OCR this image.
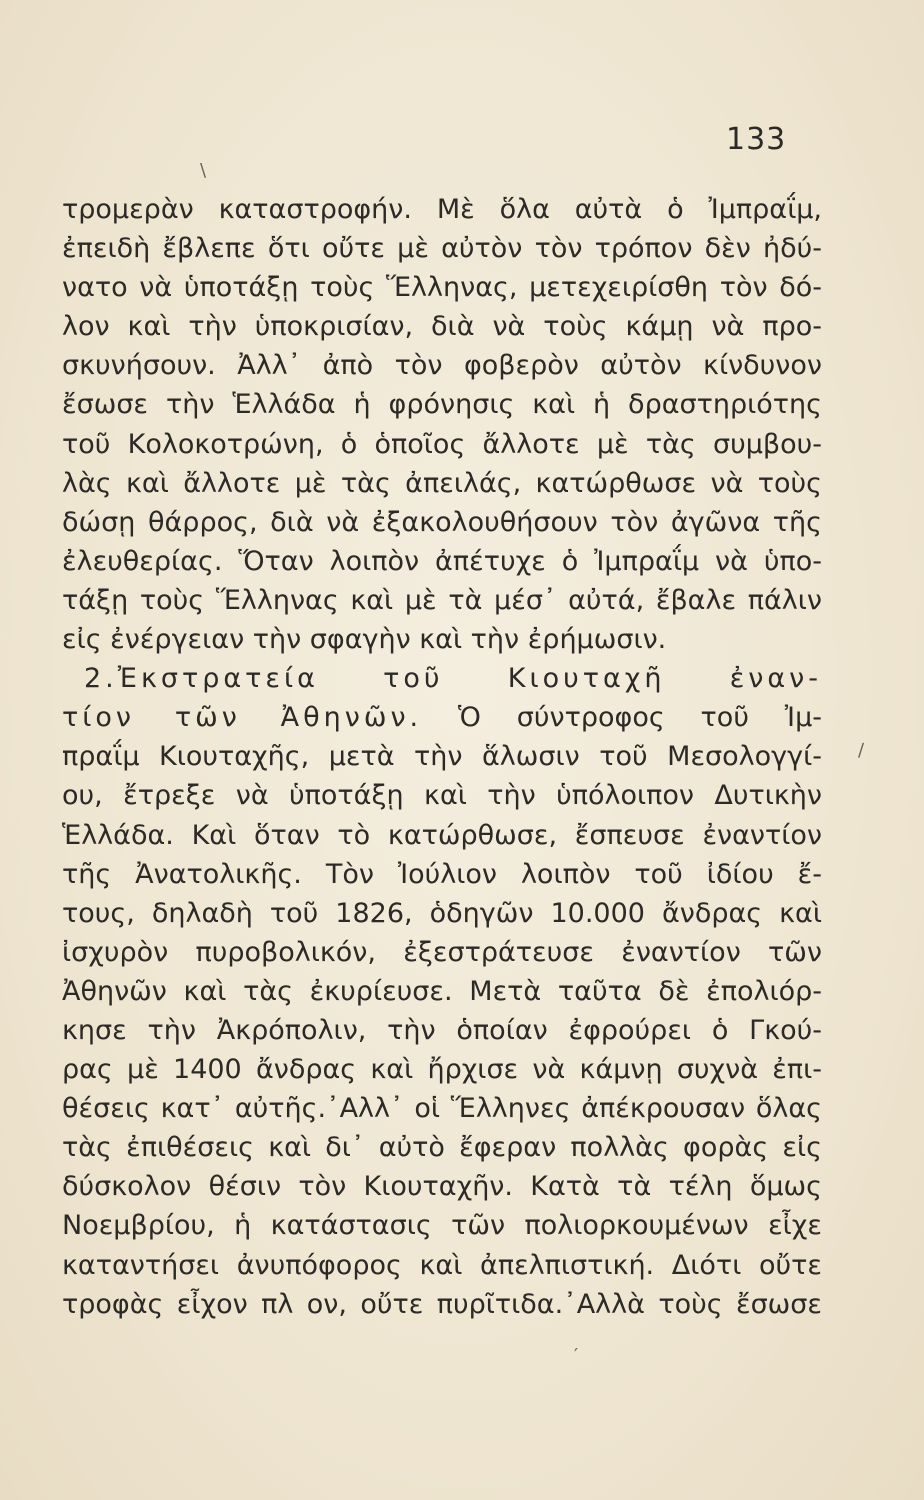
133
τρομερὰν καταστροφήν. Μὲ ὅλα αὐτὰ ὁ Ἰμπραΐμ,
ἐπειδὴ ἔβλεπε ὅτι οὔτε μὲ αὐτὸν τὸν τρόπον δὲν ἠδύ-
νατο νὰ ὑποτάξῃ τοὺς Ἕλληνας, μετεχειρίσθη τὸν δό-
λον καὶ τὴν ὑποκρισίαν, διὰ νὰ τοὺς κάμῃ νὰ προ-
σκυνήσουν. Ἀλλ᾿ ἀπὸ τὸν φοβερὸν αὐτὸν κίνδυνον
ἔσωσε τὴν Ἑλλάδα ἡ φρόνησις καὶ ἡ δραστηριότης
τοῦ Κολοκοτρώνη, ὁ ὁποῖος ἄλλοτε μὲ τὰς συμβου-
λὰς καὶ ἄλλοτε μὲ τὰς ἀπειλάς, κατώρθωσε νὰ τοὺς
δώσῃ θάρρος, διὰ νὰ ἐξακολουθήσουν τὸν ἀγῶνα τῆς
ἐλευθερίας. Ὅταν λοιπὸν ἀπέτυχε ὁ Ἰμπραΐμ νὰ ὑπο-
τάξῃ τοὺς Ἕλληνας καὶ μὲ τὰ μέσ᾿ αὐτά, ἔβαλε πάλιν
εἰς ἐνέργειαν τὴν σφαγὴν καὶ τὴν ἐρήμωσιν.
2.Ἐκστρατεία τοῦ Κιουταχῆ ἐναν-
τίον τῶν Ἀθηνῶν. Ὁ σύντροφος τοῦ Ἰμ-
πραΐμ Κιουταχῆς, μετὰ τὴν ἅλωσιν τοῦ Μεσολογγί-
ου, ἔτρεξε νὰ ὑποτάξῃ καὶ τὴν ὑπόλοιπον Δυτικὴν
Ἑλλάδα. Καὶ ὅταν τὸ κατώρθωσε, ἔσπευσε ἐναντίον
τῆς Ἀνατολικῆς. Τὸν Ἰούλιον λοιπὸν τοῦ ἰδίου ἔ-
τους, δηλαδὴ τοῦ 1826, ὁδηγῶν 10.000 ἄνδρας καὶ
ἰσχυρὸν πυροβολικόν, ἐξεστράτευσε ἐναντίον τῶν
Ἀθηνῶν καὶ τὰς ἐκυρίευσε. Μετὰ ταῦτα δὲ ἐπολιόρ-
κησε τὴν Ἀκρόπολιν, τὴν ὁποίαν ἐφρούρει ὁ Γκού-
ρας μὲ 1400 ἄνδρας καὶ ἤρχισε νὰ κάμνῃ συχνὰ ἐπι-
θέσεις κατ᾿ αὐτῆς.᾿Αλλ᾿ οἱ Ἕλληνες ἀπέκρουσαν ὅλας
τὰς ἐπιθέσεις καὶ δι᾿ αὐτὸ ἔφεραν πολλὰς φορὰς εἰς
δύσκολον θέσιν τὸν Κιουταχῆν. Κατὰ τὰ τέλη ὅμως
Νοεμβρίου, ἡ κατάστασις τῶν πολιορκουμένων εἶχε
καταντήσει ἀνυπόφορος καὶ ἀπελπιστική. Διότι οὔτε
τροφὰς εἶχον πλ ον, οὔτε πυρῖτιδα.᾿Αλλὰ τοὺς ἔσωσε
\
∕
′
